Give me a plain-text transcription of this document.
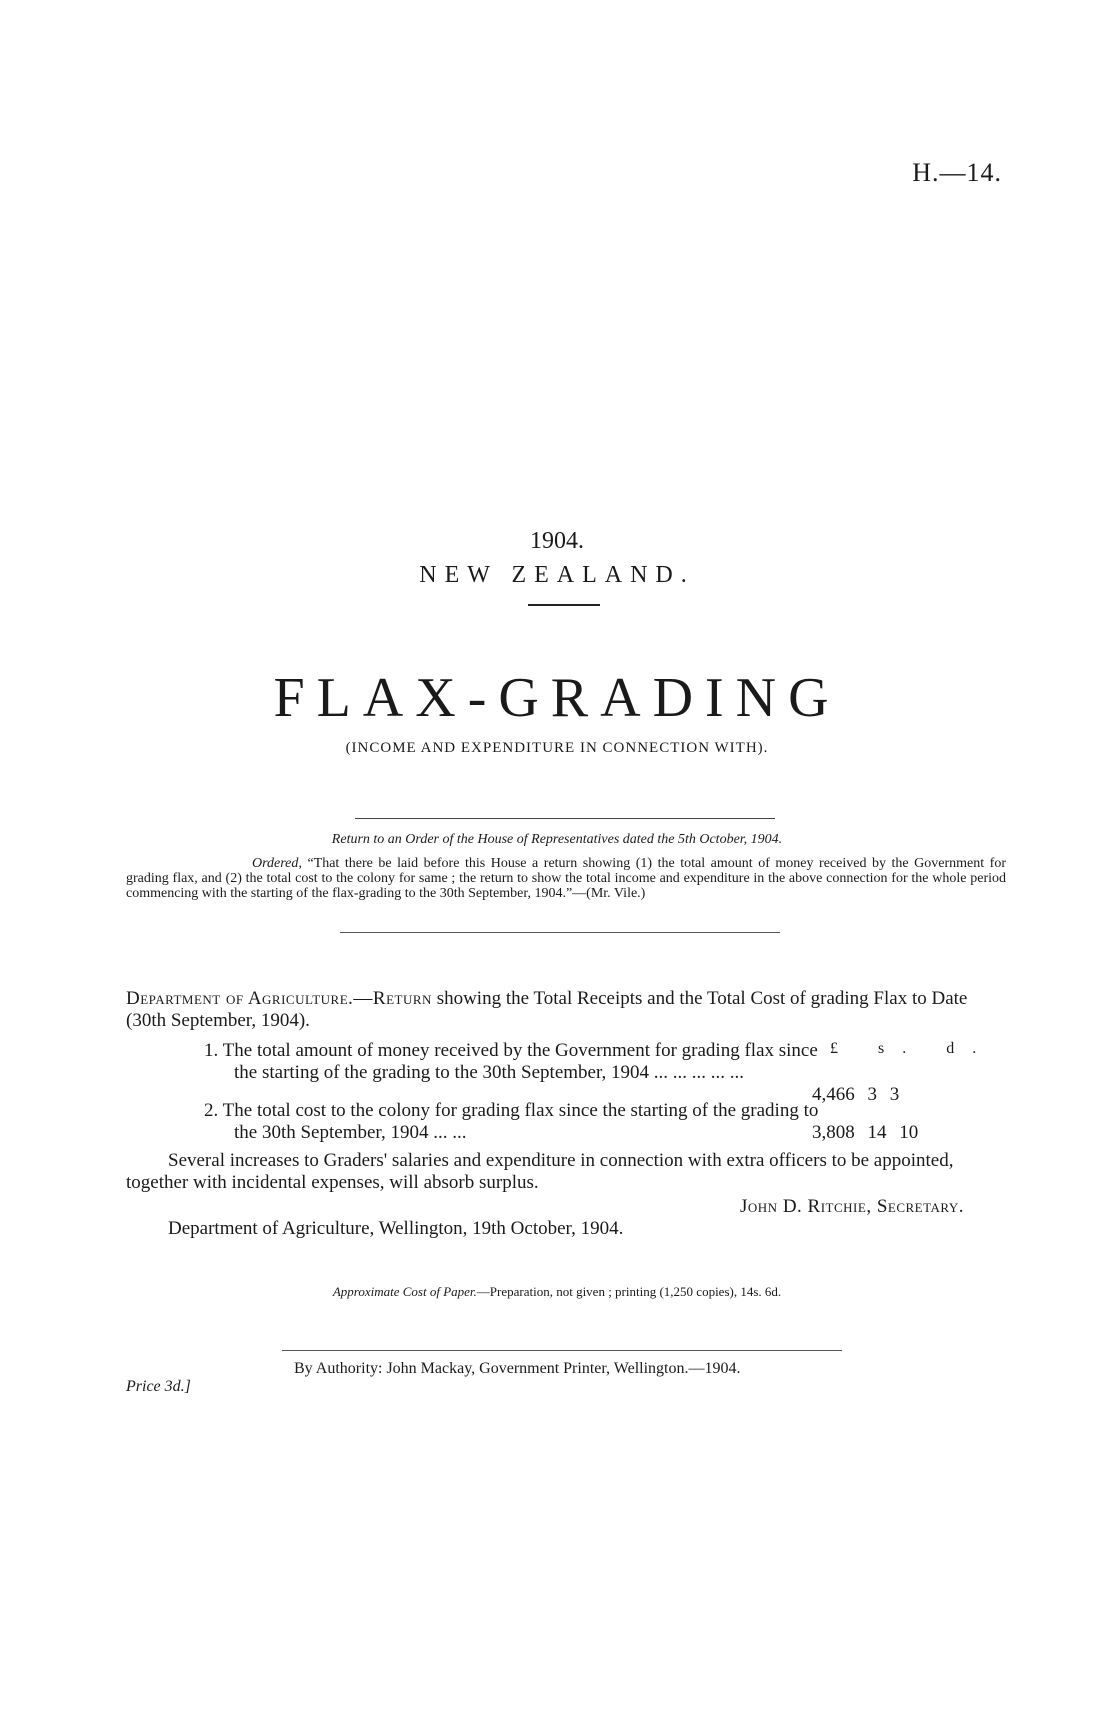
H.—14.
1904.
NEW ZEALAND.
FLAX-GRADING
(INCOME AND EXPENDITURE IN CONNECTION WITH).
Return to an Order of the House of Representatives dated the 5th October, 1904.
Ordered, “That there be laid before this House a return showing (1) the total amount of money received by the Government for grading flax, and (2) the total cost to the colony for same ; the return to show the total income and expenditure in the above connection for the whole period commencing with the starting of the flax-grading to the 30th September, 1904.”—(Mr. Vile.)
Department of Agriculture.—Return showing the Total Receipts and the Total Cost of grading Flax to Date (30th September, 1904).
£ s. d.
1. The total amount of money received by the Government for grading flax since the starting of the grading to the 30th September, 1904 ... ... ... ... ...
4,466 3 3
2. The total cost to the colony for grading flax since the starting of the grading to the 30th September, 1904 ... ...	3,808 14 10
Several increases to Graders' salaries and expenditure in connection with extra officers to be appointed, together with incidental expenses, will absorb surplus.
John D. Ritchie, Secretary.
Department of Agriculture, Wellington, 19th October, 1904.
Approximate Cost of Paper.—Preparation, not given ; printing (1,250 copies), 14s. 6d.
By Authority: John Mackay, Government Printer, Wellington.—1904.
Price 3d.]
